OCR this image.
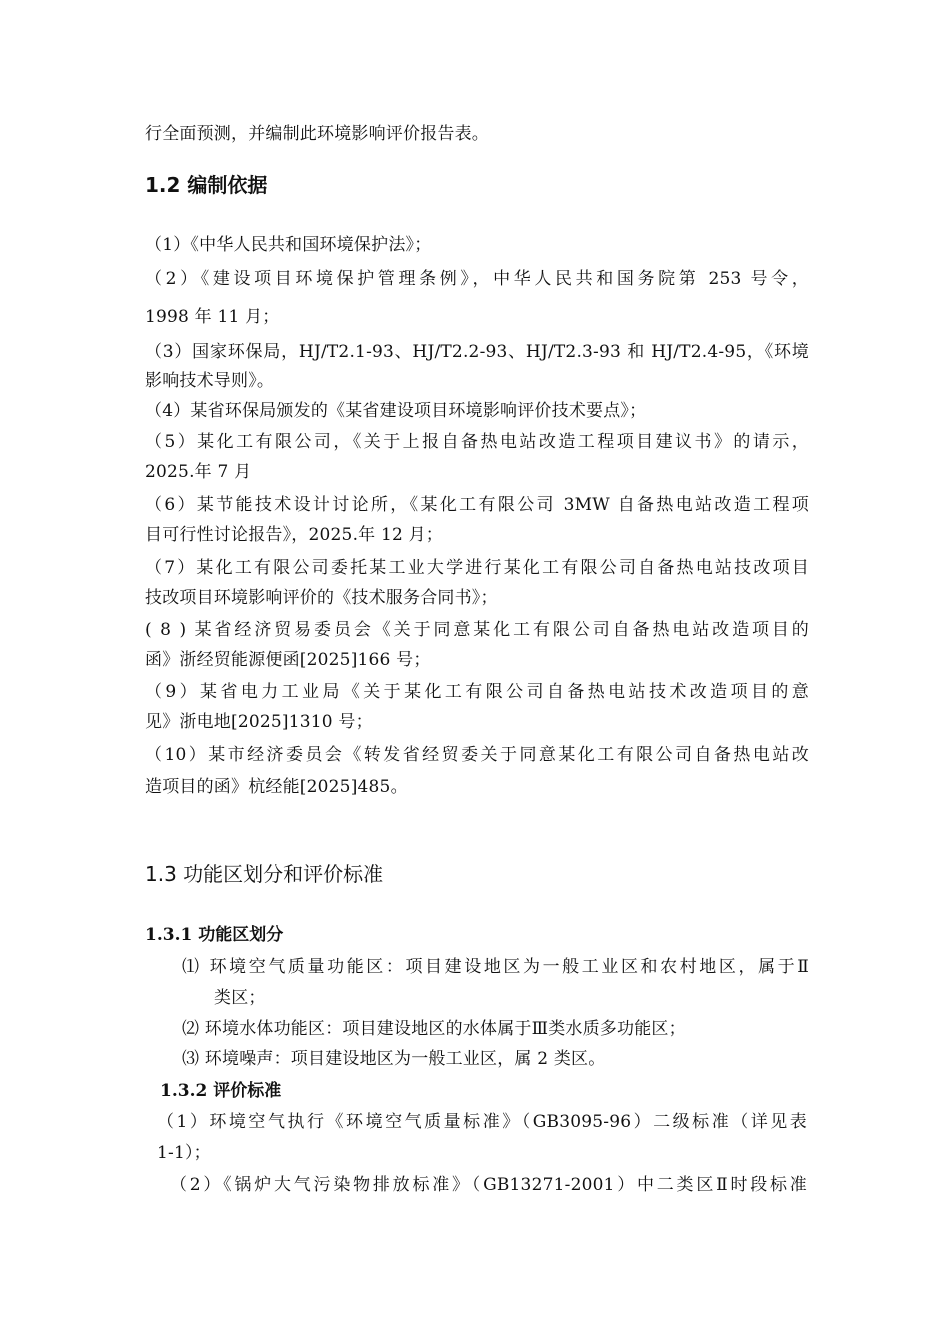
行全面预测，并编制此环境影响评价报告表。
1.2 编制依据
（1）《中华人民共和国环境保护法》；
（2）《建设项目环境保护管理条例》，中华人民共和国务院第 253 号令，
1998 年 11 月；
（3）国家环保局，HJ/T2.1-93、HJ/T2.2-93、HJ/T2.3-93 和 HJ/T2.4-95，《环境
影响技术导则》。
（4）某省环保局颁发的《某省建设项目环境影响评价技术要点》；
（5）某化工有限公司，《关于上报自备热电站改造工程项目建议书》的请示，
2025.年 7 月
（6）某节能技术设计讨论所，《某化工有限公司 3MW 自备热电站改造工程项
目可行性讨论报告》，2025.年 12 月；
（7）某化工有限公司委托某工业大学进行某化工有限公司自备热电站技改项目
技改项目环境影响评价的《技术服务合同书》；
( 8 ) 某省经济贸易委员会《关于同意某化工有限公司自备热电站改造项目的
函》浙经贸能源便函[2025]166 号；
（9）某省电力工业局《关于某化工有限公司自备热电站技术改造项目的意
见》浙电地[2025]1310 号；
（10）某市经济委员会《转发省经贸委关于同意某化工有限公司自备热电站改
造项目的函》杭经能[2025]485。
1.3 功能区划分和评价标准
1.3.1 功能区划分
⑴ 环境空气质量功能区：项目建设地区为一般工业区和农村地区，属于Ⅱ
类区；
⑵ 环境水体功能区：项目建设地区的水体属于Ⅲ类水质多功能区；
⑶ 环境噪声：项目建设地区为一般工业区，属 2 类区。
1.3.2 评价标准
（1）环境空气执行《环境空气质量标准》（GB3095-96）二级标准（详见表
1-1）；
（2）《锅炉大气污染物排放标准》（GB13271-2001）中二类区Ⅱ时段标准
